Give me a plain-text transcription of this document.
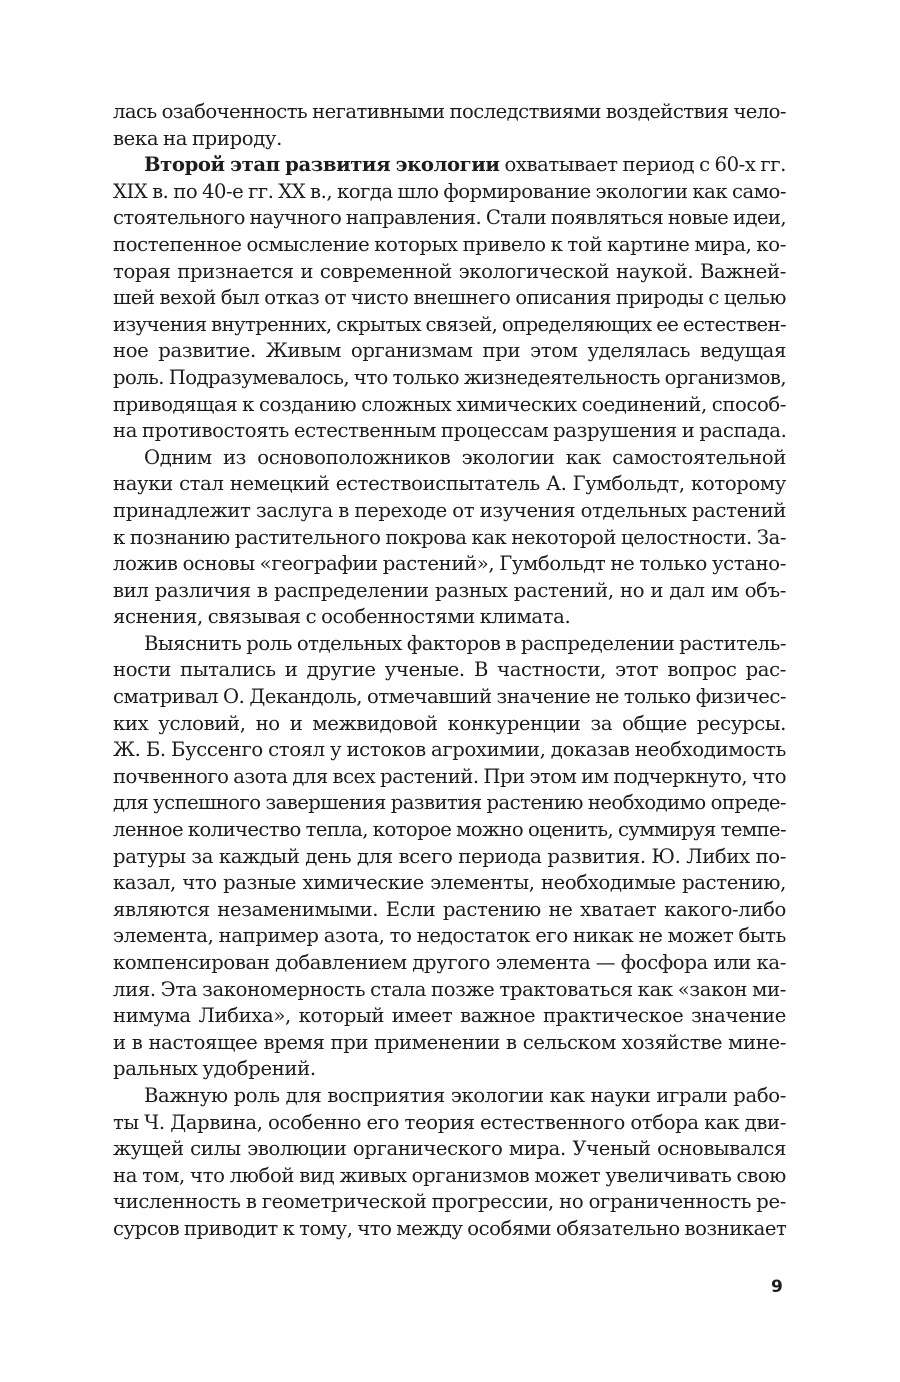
лась озабоченность негативными последствиями воздействия чело-
века на природу.
Второй этап развития экологии охватывает период с 60-х гг.
XIX в. по 40-е гг. XX в., когда шло формирование экологии как само-
стоятельного научного направления. Стали появляться новые идеи,
постепенное осмысление которых привело к той картине мира, ко-
торая признается и современной экологической наукой. Важней-
шей вехой был отказ от чисто внешнего описания природы с целью
изучения внутренних, скрытых связей, определяющих ее естествен-
ное развитие. Живым организмам при этом уделялась ведущая
роль. Подразумевалось, что только жизнедеятельность организмов,
приводящая к созданию сложных химических соединений, способ-
на противостоять естественным процессам разрушения и распада.
Одним из основоположников экологии как самостоятельной
науки стал немецкий естествоиспытатель А. Гумбольдт, которому
принадлежит заслуга в переходе от изучения отдельных растений
к познанию растительного покрова как некоторой целостности. За-
ложив основы «географии растений», Гумбольдт не только устано-
вил различия в распределении разных растений, но и дал им объ-
яснения, связывая с особенностями климата.
Выяснить роль отдельных факторов в распределении раститель-
ности пытались и другие ученые. В частности, этот вопрос рас-
сматривал О. Декандоль, отмечавший значение не только физичес-
ких условий, но и межвидовой конкуренции за общие ресурсы.
Ж. Б. Буссенго стоял у истоков агрохимии, доказав необходимость
почвенного азота для всех растений. При этом им подчеркнуто, что
для успешного завершения развития растению необходимо опреде-
ленное количество тепла, которое можно оценить, суммируя темпе-
ратуры за каждый день для всего периода развития. Ю. Либих по-
казал, что разные химические элементы, необходимые растению,
являются незаменимыми. Если растению не хватает какого-либо
элемента, например азота, то недостаток его никак не может быть
компенсирован добавлением другого элемента — фосфора или ка-
лия. Эта закономерность стала позже трактоваться как «закон ми-
нимума Либиха», который имеет важное практическое значение
и в настоящее время при применении в сельском хозяйстве мине-
ральных удобрений.
Важную роль для восприятия экологии как науки играли рабо-
ты Ч. Дарвина, особенно его теория естественного отбора как дви-
жущей силы эволюции органического мира. Ученый основывался
на том, что любой вид живых организмов может увеличивать свою
численность в геометрической прогрессии, но ограниченность ре-
сурсов приводит к тому, что между особями обязательно возникает
9
